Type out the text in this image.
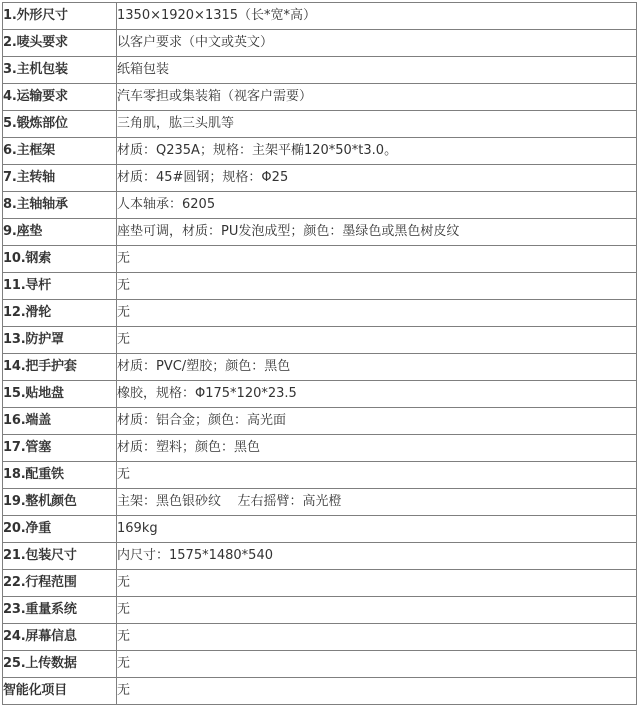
1.外形尺寸	1350×1920×1315（长*宽*高）
2.唛头要求	以客户要求（中文或英文）
3.主机包装	纸箱包装
4.运输要求	汽车零担或集装箱（视客户需要）
5.锻炼部位	三角肌，肱三头肌等
6.主框架	材质：Q235A；规格：主架平椭120*50*t3.0。
7.主转轴	材质：45#圆钢；规格：Φ25
8.主轴轴承	人本轴承：6205
9.座垫	座垫可调，材质：PU发泡成型；颜色：墨绿色或黑色树皮纹
10.钢索	无
11.导杆	无
12.滑轮	无
13.防护罩	无
14.把手护套	材质：PVC/塑胶；颜色：黑色
15.贴地盘	橡胶，规格：Φ175*120*23.5
16.端盖	材质：铝合金；颜色：高光面
17.管塞	材质：塑料；颜色：黑色
18.配重铁	无
19.整机颜色	主架：黑色银砂纹    左右摇臂：高光橙
20.净重	169kg
21.包装尺寸	内尺寸：1575*1480*540
22.行程范围	无
23.重量系统	无
24.屏幕信息	无
25.上传数据	无
智能化项目	无
